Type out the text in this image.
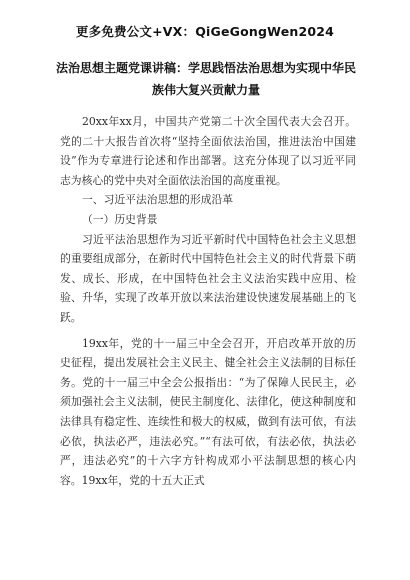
更多免费公文+VX：QiGeGongWen2024
法治思想主题党课讲稿：学思践悟法治思想为实现中华民
族伟大复兴贡献力量

20xx年xx月，中国共产党第二十次全国代表大会召开。党的二十大报告首次将“坚持全面依法治国，推进法治中国建设”作为专章进行论述和作出部署。这充分体现了以习近平同志为核心的党中央对全面依法治国的高度重视。

一、习近平法治思想的形成沿革

（一）历史背景

习近平法治思想作为习近平新时代中国特色社会主义思想的重要组成部分，在新时代中国特色社会主义的时代背景下萌发、成长、形成，在中国特色社会主义法治实践中应用、检验、升华，实现了改革开放以来法治建设快速发展基础上的飞跃。

19xx年，党的十一届三中全会召开，开启改革开放的历史征程，提出发展社会主义民主、健全社会主义法制的目标任务。党的十一届三中全会公报指出：“为了保障人民民主，必须加强社会主义法制，使民主制度化、法律化，使这种制度和法律具有稳定性、连续性和极大的权威，做到有法可依，有法必依，执法必严，违法必究。”“有法可依，有法必依，执法必严，违法必究”的十六字方针构成邓小平法制思想的核心内容。19xx年，党的十五大正式
